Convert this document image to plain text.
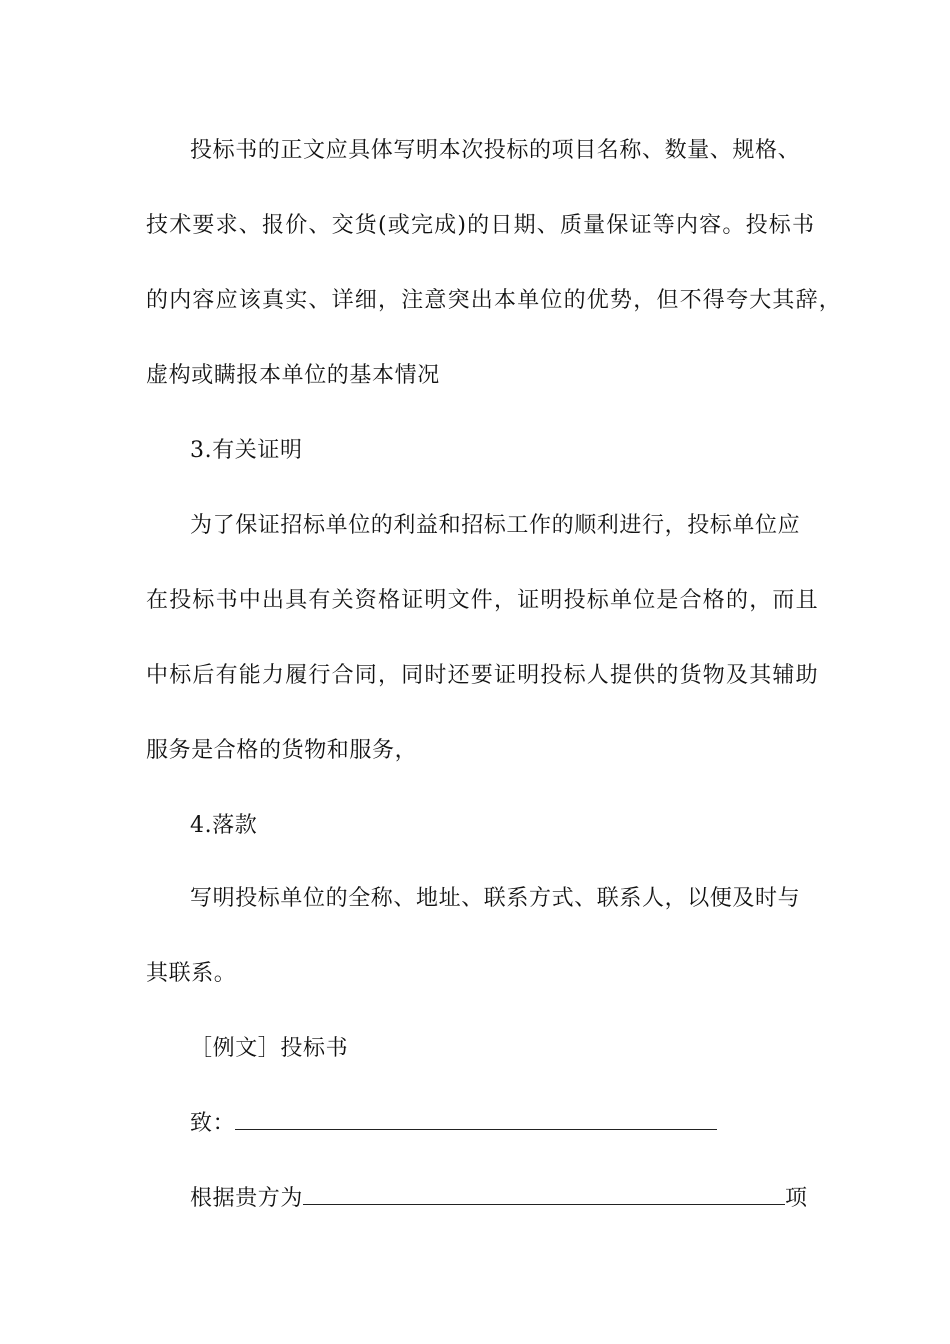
投标书的正文应具体写明本次投标的项目名称、数量、规格、
技术要求、报价、交货(或完成)的日期、质量保证等内容。投标书
的内容应该真实、详细，注意突出本单位的优势，但不得夸大其辞，
虚构或瞒报本单位的基本情况
3.有关证明
为了保证招标单位的利益和招标工作的顺利进行，投标单位应
在投标书中出具有关资格证明文件，证明投标单位是合格的，而且
中标后有能力履行合同，同时还要证明投标人提供的货物及其辅助
服务是合格的货物和服务，
4.落款
写明投标单位的全称、地址、联系方式、联系人，以便及时与
其联系。
［例文］投标书
致：
根据贵方为	项
